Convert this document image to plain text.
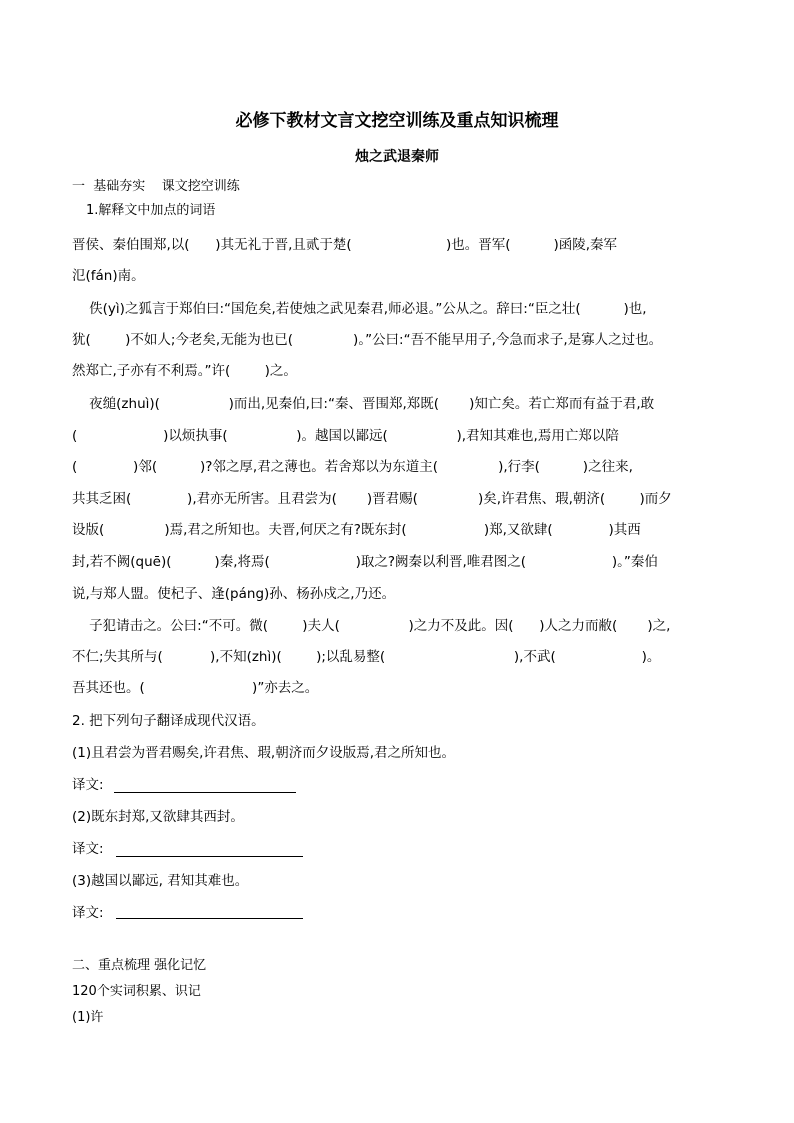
必修下教材文言文挖空训练及重点知识梳理
烛之武退秦师
一  基础夯实    课文挖空训练
1.解释文中加点的词语
晋侯、秦伯围郑,以(      )其无礼于晋,且贰于楚(                      )也。晋军(          )函陵,秦军
氾(fán)南。
佚(yì)之狐言于郑伯曰:“国危矣,若使烛之武见秦君,师必退。”公从之。辞曰:“臣之壮(          )也,
犹(        )不如人;今老矣,无能为也已(              )。”公曰:“吾不能早用子,今急而求子,是寡人之过也。
然郑亡,子亦有不利焉。”许(        )之。
夜缒(zhuì)(                )而出,见秦伯,曰:“秦、晋围郑,郑既(       )知亡矣。若亡郑而有益于君,敢
(                    )以烦执事(                )。越国以鄙远(                ),君知其难也,焉用亡郑以陪
(             )邻(          )?邻之厚,君之薄也。若舍郑以为东道主(              ),行李(          )之往来,
共其乏困(             ),君亦无所害。且君尝为(       )晋君赐(              )矣,许君焦、瑕,朝济(        )而夕
设版(              )焉,君之所知也。夫晋,何厌之有?既东封(                  )郑,又欲肆(             )其西
封,若不阙(quē)(          )秦,将焉(                    )取之?阙秦以利晋,唯君图之(                    )。”秦伯
说,与郑人盟。使杞子、逢(páng)孙、杨孙戍之,乃还。
子犯请击之。公曰:“不可。微(        )夫人(                )之力不及此。因(      )人之力而敝(       )之,
不仁;失其所与(           ),不知(zhì)(        );以乱易整(                              ),不武(                    )。
吾其还也。(                         )”亦去之。
2. 把下列句子翻译成现代汉语。
(1)且君尝为晋君赐矣,许君焦、瑕,朝济而夕设版焉,君之所知也。
译文:
(2)既东封郑,又欲肆其西封。
译文:
(3)越国以鄙远, 君知其难也。
译文:
二、重点梳理 强化记忆
120个实词积累、识记
(1)许
